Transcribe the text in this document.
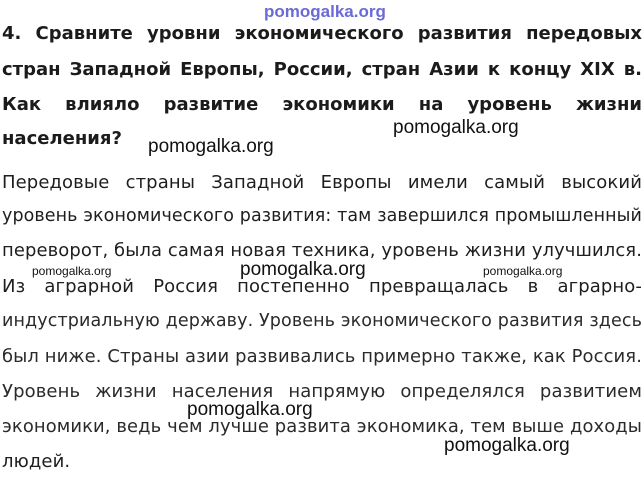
pomogalka.org
4. Сравните уровни экономического развития передовых
стран Западной Европы, России, стран Азии к концу XIX в.
Как влияло развитие экономики на уровень жизни
населения?
pomogalka.org
pomogalka.org
Передовые страны Западной Европы имели самый высокий
уровень экономического развития: там завершился промышленный
переворот, была самая новая техника, уровень жизни улучшился.
Из аграрной Россия постепенно превращалась в аграрно-
индустриальную державу. Уровень экономического развития здесь
был ниже. Страны азии развивались примерно также, как Россия.
Уровень жизни населения напрямую определялся развитием
экономики, ведь чем лучше развита экономика, тем выше доходы
людей.
pomogalka.org	pomogalka.org	pomogalka.org
pomogalka.org
pomogalka.org
